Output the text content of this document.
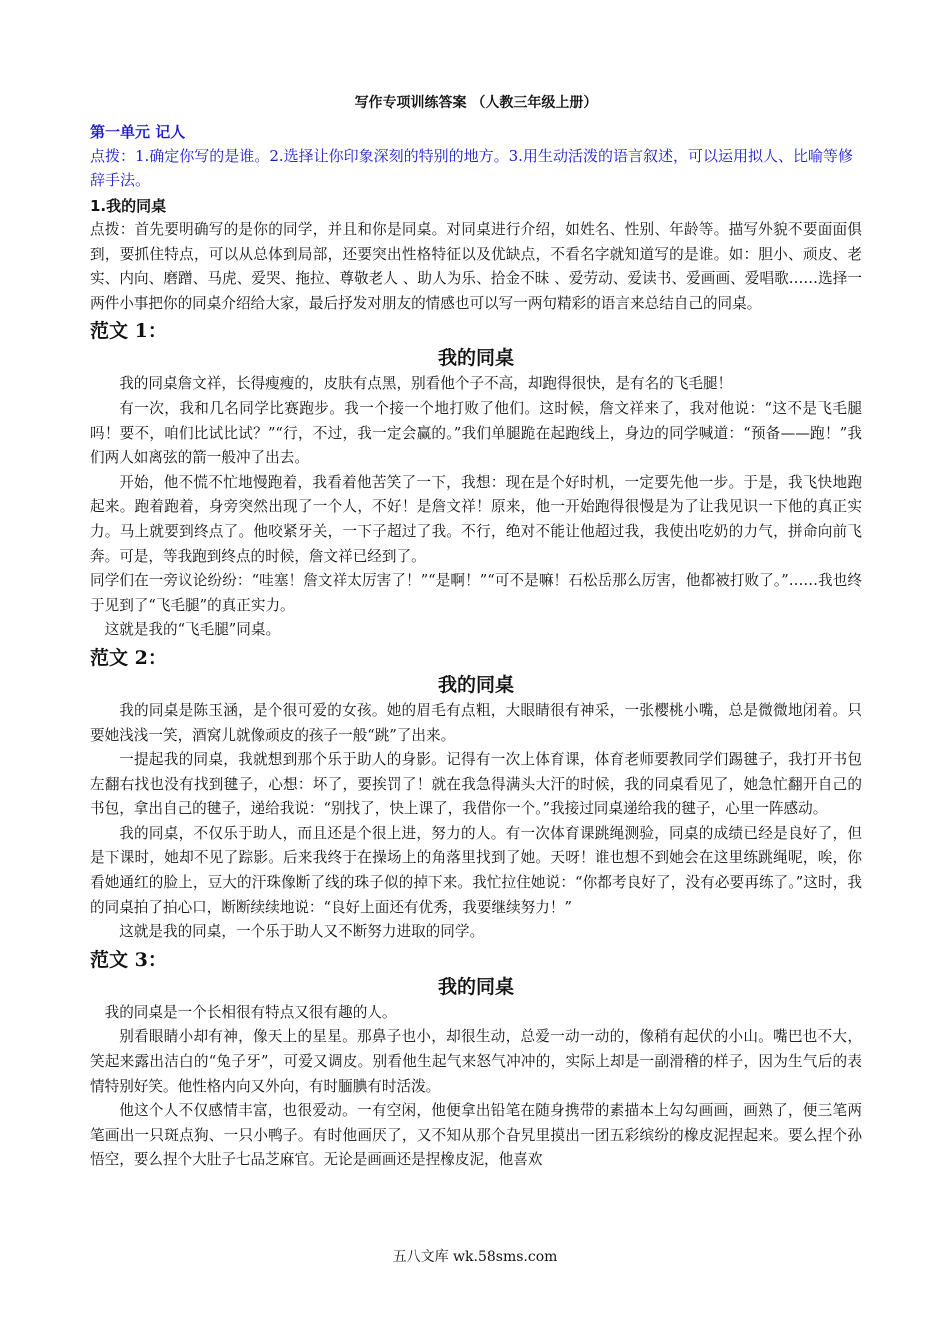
写作专项训练答案 （人教三年级上册）

第一单元 记人

点拨：1.确定你写的是谁。2.选择让你印象深刻的特别的地方。3.用生动活泼的语言叙述，可以运用拟人、比喻等修辞手法。

1.我的同桌

点拨：首先要明确写的是你的同学，并且和你是同桌。对同桌进行介绍，如姓名、性别、年龄等。描写外貌不要面面俱到，要抓住特点，可以从总体到局部，还要突出性格特征以及优缺点，不看名字就知道写的是谁。如：胆小、顽皮、老实、内向、磨蹭、马虎、爱哭、拖拉、尊敬老人 、助人为乐、拾金不昧 、爱劳动、爱读书、爱画画、爱唱歌……选择一两件小事把你的同桌介绍给大家，最后抒发对朋友的情感也可以写一两句精彩的语言来总结自己的同桌。

范文 1：

我的同桌

我的同桌詹文祥，长得瘦瘦的，皮肤有点黑，别看他个子不高，却跑得很快，是有名的飞毛腿！

有一次，我和几名同学比赛跑步。我一个接一个地打败了他们。这时候，詹文祥来了，我对他说：“这不是飞毛腿吗！要不，咱们比试比试？”“行，不过，我一定会赢的。”我们单腿跪在起跑线上，身边的同学喊道：“预备——跑！”我们两人如离弦的箭一般冲了出去。

开始，他不慌不忙地慢跑着，我看着他苦笑了一下，我想：现在是个好时机，一定要先他一步。于是，我飞快地跑起来。跑着跑着，身旁突然出现了一个人，不好！是詹文祥！原来，他一开始跑得很慢是为了让我见识一下他的真正实力。马上就要到终点了。他咬紧牙关，一下子超过了我。不行，绝对不能让他超过我，我使出吃奶的力气，拼命向前飞奔。可是，等我跑到终点的时候，詹文祥已经到了。

同学们在一旁议论纷纷：“哇塞！詹文祥太厉害了！”“是啊！”“可不是嘛！石松岳那么厉害，他都被打败了。”……我也终于见到了“飞毛腿”的真正实力。

这就是我的“飞毛腿”同桌。

范文 2：

我的同桌

我的同桌是陈玉涵，是个很可爱的女孩。她的眉毛有点粗，大眼睛很有神采，一张樱桃小嘴，总是微微地闭着。只要她浅浅一笑，酒窝儿就像顽皮的孩子一般“跳”了出来。

一提起我的同桌，我就想到那个乐于助人的身影。记得有一次上体育课，体育老师要教同学们踢毽子，我打开书包左翻右找也没有找到毽子，心想：坏了，要挨罚了！就在我急得满头大汗的时候，我的同桌看见了，她急忙翻开自己的书包，拿出自己的毽子，递给我说：“别找了，快上课了，我借你一个。”我接过同桌递给我的毽子，心里一阵感动。

我的同桌，不仅乐于助人，而且还是个很上进，努力的人。有一次体育课跳绳测验，同桌的成绩已经是良好了，但是下课时，她却不见了踪影。后来我终于在操场上的角落里找到了她。天呀！谁也想不到她会在这里练跳绳呢，唉，你看她通红的脸上，豆大的汗珠像断了线的珠子似的掉下来。我忙拉住她说：“你都考良好了，没有必要再练了。”这时，我的同桌拍了拍心口，断断续续地说：“良好上面还有优秀，我要继续努力！”

这就是我的同桌，一个乐于助人又不断努力进取的同学。

范文 3：

我的同桌

我的同桌是一个长相很有特点又很有趣的人。

别看眼睛小却有神，像天上的星星。那鼻子也小，却很生动，总爱一动一动的，像稍有起伏的小山。嘴巴也不大，笑起来露出洁白的“兔子牙”，可爱又调皮。别看他生起气来怒气冲冲的，实际上却是一副滑稽的样子，因为生气后的表情特别好笑。他性格内向又外向，有时腼腆有时活泼。

他这个人不仅感情丰富，也很爱动。一有空闲，他便拿出铅笔在随身携带的素描本上勾勾画画，画熟了，便三笔两笔画出一只斑点狗、一只小鸭子。有时他画厌了，又不知从那个旮旯里摸出一团五彩缤纷的橡皮泥捏起来。要么捏个孙悟空，要么捏个大肚子七品芝麻官。无论是画画还是捏橡皮泥，他喜欢

五八文库 wk.58sms.com
